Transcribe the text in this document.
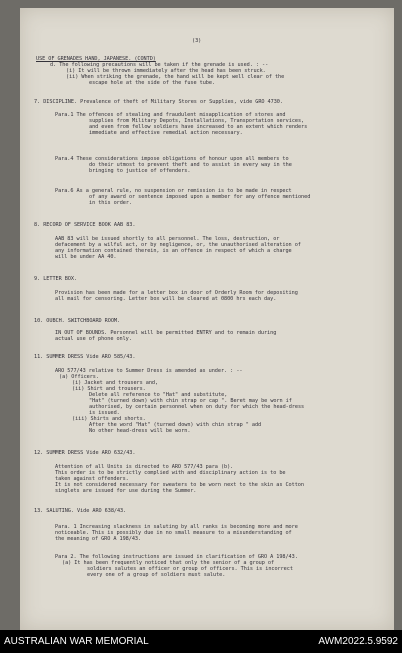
(3)
USE OF GRENADES HAND, JAPANESE. (CONTD)
d. The following precautions will be taken if the grenade is used. : --
(i) It will be thrown immediately after the head has been struck.
(ii) When striking the grenade, the hand will be kept well clear of the
escape hole at the side of the fuse tube.
7. DISCIPLINE. Prevalence of theft of Military Stores or Supplies, vide GRO 4730.
Para.1 The offences of stealing and fraudulent misapplication of stores and
supplies from Military Depots, Installations, Transportation services,
and even from fellow soldiers have increased to an extent which renders
immediate and effective remedial action necessary.
Para.4 These considerations impose obligations of honour upon all members to
do their utmost to prevent theft and to assist in every way in the
bringing to justice of offenders.
Para.6 As a general rule, no suspension or remission is to be made in respect
of any award or sentence imposed upon a member for any offence mentioned
in this order.
8. RECORD OF SERVICE BOOK AAB 83.
AAB 83 will be issued shortly to all personnel. The loss, destruction, or
defacement by a wilful act, or by negligence, or, the unauthorised alteration of
any information contained therein, is an offence in respect of which a charge
will be under AA 40.
9. LETTER BOX.
Provision has been made for a letter box in door of Orderly Room for depositing
all mail for censoring. Letter box will be cleared at 0800 hrs each day.
10. OUBCH. SWITCHBOARD ROOM.
IN OUT OF BOUNDS. Personnel will be permitted ENTRY and to remain during
actual use of phone only.
11. SUMMER DRESS Vide ARO 585/43.
ARO 577/43 relative to Summer Dress is amended as under. : --
(a) Officers.
(i) Jacket and trousers and,
(ii) Shirt and trousers.
Delete all reference to "Hat" and substitute,
"Hat" (turned down) with chin strap or cap ". Beret may be worn if
authorised, by certain personnel when on duty for which the head-dress
is issued.
(iii) Shirts and shorts.
After the word "Hat" (turned down) with chin strap " add
No other head-dress will be worn.
12. SUMMER DRESS Vide ARO 632/43.
Attention of all Units is directed to ARO 577/43 para (b).
This order is to be strictly complied with and disciplinary action is to be
taken against offenders.
It is not considered necessary for sweaters to be worn next to the skin as Cotton
singlets are issued for use during the Summer.
13. SALUTING. Vide ARO 638/43.
Para. 1 Increasing slackness in saluting by all ranks is becoming more and more
noticeable. This is possibly due in no small measure to a misunderstanding of
the meaning of GRO A 198/43.
Para 2. The following instructions are issued in clarification of GRO A 198/43.
(a) It has been frequently noticed that only the senior of a group of
soldiers salutes an officer or group of officers. This is incorrect
every one of a group of soldiers must salute.
AUSTRALIAN WAR MEMORIAL	AWM2022.5.9592
